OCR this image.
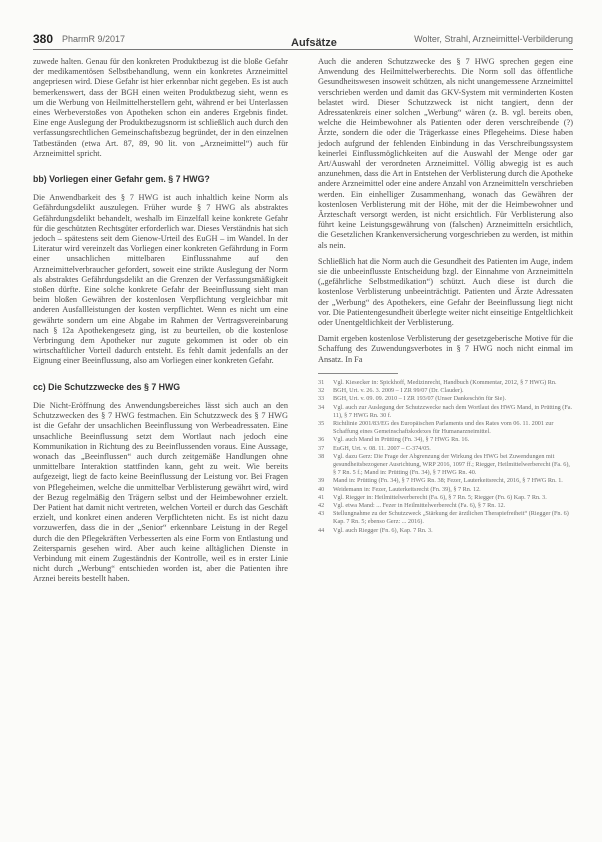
380 PharmR 9/2017	Aufsätze	Wolter, Strahl, Arzneimittel-Verbilderung

zuwede halten. Genau für den konkreten Produktbezug ist die bloße Gefahr der medikamentösen Selbstbehandlung, wenn ein konkretes Arzneimittel angepriesen wird. Diese Gefahr ist hier erkennbar nicht gegeben. Es ist auch bemerkenswert, dass der BGH einen weiten Produktbezug sieht, wenn es um die Werbung von Heilmittelherstellern geht, während er bei Unterlassen eines Werbeverstoßes von Apotheken schon ein anderes Ergebnis findet. Eine enge Auslegung der Produktbezugsnorm ist schließlich auch durch den verfassungsrechtlichen Gemeinschaftsbezug begründet, der in den einzelnen Tatbeständen (etwa Art. 87, 89, 90 lit. von „Arzneimittel“) auch für Arzneimittel spricht.

bb) Vorliegen einer Gefahr gem. § 7 HWG?

Die Anwendbarkeit des § 7 HWG ist auch inhaltlich keine Norm als Gefährdungsdelikt auszulegen. Früher wurde § 7 HWG als abstraktes Gefährdungsdelikt behandelt, weshalb im Einzelfall keine konkrete Gefahr für die geschützten Rechtsgüter erforderlich war. Dieses Verständnis hat sich jedoch – spätestens seit dem Gienow-Urteil des EuGH – im Wandel. In der Literatur wird vereinzelt das Vorliegen einer konkreten Gefährdung in Form einer unsachlichen mittelbaren Einflussnahme auf den Arzneimittelverbraucher gefordert, soweit eine strikte Auslegung der Norm als abstraktes Gefährdungsdelikt an die Grenzen der Verfassungsmäßigkeit stoßen dürfte. Eine solche konkrete Gefahr der Beeinflussung sieht man beim bloßen Gewähren der kostenlosen Verpflichtung vergleichbar mit anderen Ausfallleistungen der kosten verpflichtet. Wenn es nicht um eine gewährte sondern um eine Abgabe im Rahmen der Vertragsvereinbarung nach § 12a Apothekengesetz ging, ist zu beurteilen, ob die kostenlose Verbringung dem Apotheker nur zugute gekommen ist oder ob ein wirtschaftlicher Vorteil dadurch entsteht. Es fehlt damit jedenfalls an der Eignung einer Beeinflussung, also am Vorliegen einer konkreten Gefahr.

cc) Die Schutzzwecke des § 7 HWG

Die Nicht-Eröffnung des Anwendungsbereiches lässt sich auch an den Schutzzwecken des § 7 HWG festmachen. Ein Schutzzweck des § 7 HWG ist die Gefahr der unsachlichen Beeinflussung von Werbeadressaten. Eine unsachliche Beeinflussung setzt dem Wortlaut nach jedoch eine Kommunikation in Richtung des zu Beeinflussenden voraus. Eine Aussage, wonach das „Beeinflussen“ auch durch zeitgemäße Handlungen ohne unmittelbare Interaktion stattfinden kann, geht zu weit. Wie bereits aufgezeigt, liegt de facto keine Beeinflussung der Leistung vor. Bei Fragen von Pflegeheimen, welche die unmittelbar Verblisterung gewährt wird, wird der Bezug regelmäßig den Trägern selbst und der Heimbewohner erzielt. Der Patient hat damit nicht vertreten, welchen Vorteil er durch das Geschäft erzielt, und konkret einen anderen Verpflichteten nicht. Es ist nicht dazu vorzuwerfen, dass die in der „Senior“ erkennbare Leistung in der Regel durch die den Pflegekräften Verbesserten als eine Form von Entlastung und Zeitersparnis gesehen wird. Aber auch keine alltäglichen Dienste in Verbindung mit einem Zugeständnis der Kontrolle, weil es in erster Linie nicht durch „Werbung“ entschieden worden ist, aber die Patienten ihre Arznei bereits bestellt haben.

Auch die anderen Schutzzwecke des § 7 HWG sprechen gegen eine Anwendung des Heilmittelwerberechts. Die Norm soll das öffentliche Gesundheitswesen insoweit schützen, als nicht unangemessene Arzneimittel verschrieben werden und damit das GKV-System mit verminderten Kosten belastet wird. Dieser Schutzzweck ist nicht tangiert, denn der Adressatenkreis einer solchen „Werbung“ wären (z. B. vgl. bereits oben, welche die Heimbewohner als Patienten oder deren verschreibende (?) Ärzte, sondern die oder die Trägerkasse eines Pflegeheims. Diese haben jedoch aufgrund der fehlenden Einbindung in das Verschreibungssystem keinerlei Einflussmöglichkeiten auf die Auswahl der Menge oder gar Art/Auswahl der verordneten Arzneimittel. Völlig abwegig ist es auch anzunehmen, dass die Art in Entstehen der Verblisterung durch die Apotheke andere Arzneimittel oder eine andere Anzahl von Arzneimitteln verschrieben werden. Ein einhelliger Zusammenhang, wonach das Gewähren der kostenlosen Verblisterung mit der Höhe, mit der die Heimbewohner und Ärzteschaft versorgt werden, ist nicht ersichtlich. Für Verblisterung also führt keine Leistungsgewährung von (falschen) Arzneimitteln ersichtlich, die Gesetzlichen Krankenversicherung vorgeschrieben zu werden, ist mithin als nein.

Schließlich hat die Norm auch die Gesundheit des Patienten im Auge, indem sie die unbeeinflusste Entscheidung bzgl. der Einnahme von Arzneimitteln („gefährliche Selbstmedikation“) schützt. Auch diese ist durch die kostenlose Verblisterung unbeeinträchtigt. Patienten und Ärzte Adressaten der „Werbung“ des Apothekers, eine Gefahr der Beeinflussung liegt nicht vor. Die Patientengesundheit überlegte weiter nicht einseitige Entgeltlichkeit oder Unentgeltlichkeit der Verblisterung.

Damit ergeben kostenlose Verblisterung der gesetzgeberische Motive für die Schaffung des Zuwendungsverbotes in § 7 HWG noch nicht einmal im Ansatz. In Fa

31	Vgl. Kiesecker in: Spickhoff, Medizinrecht, Handbuch (Kommentar, 2012, § 7 HWG) Rn.
32	BGH, Urt. v. 26. 3. 2009 – I ZR 99/07 (Dr. Clauder).
33	BGH, Urt. v. 09. 09. 2010 – I ZR 193/07 (Unser Dankeschön für Sie).
34	Vgl. auch zur Auslegung der Schutzzwecke nach dem Wortlaut des HWG Mand, in Prütting (Fa. 11), § 7 HWG Rn. 30 f.
35	Richtlinie 2001/83/EG des Europäischen Parlaments und des Rates vom 06. 11. 2001 zur Schaffung eines Gemeinschaftskodexes für Humanarzneimittel.
36	Vgl. auch Mand in Prütting (Fn. 34), § 7 HWG Rn. 16.
37	EuGH, Urt. v. 08. 11. 2007 – C-374/05.
38	Vgl. dazu Gerz: Die Frage der Abgrenzung der Wirkung des HWG bei Zuwendungen mit gesundheitsbezogener Ausrichtung, WRP 2016, 1097 ff.; Riegger, Heilmittelwerberecht (Fa. 6), § 7 Rn. 5 f.; Mand in: Prütting (Fn. 34), § 7 HWG Rn. 40.
39	Mand in: Prütting (Fn. 34), § 7 HWG Rn. 38; Fezer, Lauterkeitsrecht, 2016, § 7 HWG Rn. 1.
40	Weidemann in: Fezer, Lauterkeitsrecht (Fn. 39), § 7 Rn. 12.
41	Vgl. Riegger in: Heilmittelwerberecht (Fa. 6), § 7 Rn. 5; Riegger (Fn. 6) Kap. 7 Rn. 3.
42	Vgl. etwa Mand: ... Fezer in Heilmittelwerberecht (Fa. 6), § 7 Rn. 12.
43	Stellungnahme zu der Schutzzweck „Stärkung der ärztlichen Therapiefreiheit“ (Riegger (Fn. 6) Kap. 7 Rn. 5; ebenso Gerz: ... 2016).
44	Vgl. auch Riegger (Fn. 6), Kap. 7 Rn. 3.
